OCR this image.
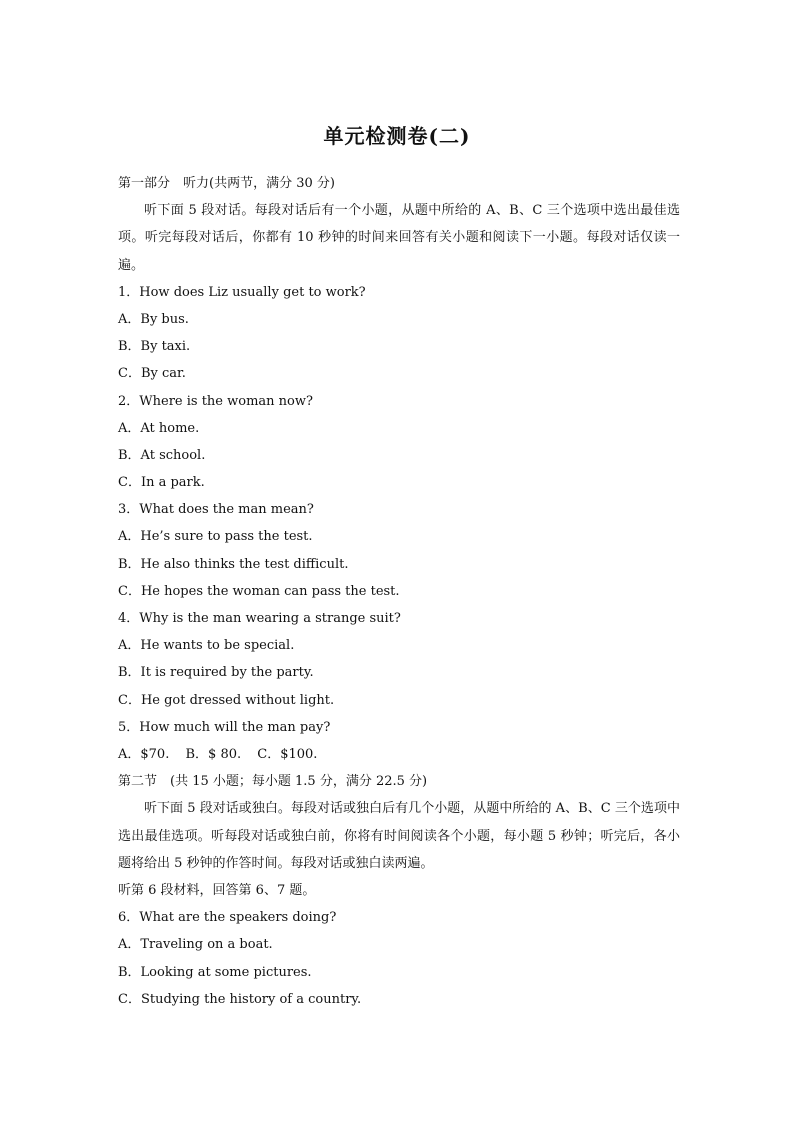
单元检测卷(二)
第一部分　听力(共两节，满分 30 分)
听下面 5 段对话。每段对话后有一个小题，从题中所给的 A、B、C 三个选项中选出最佳选项。听完每段对话后，你都有 10 秒钟的时间来回答有关小题和阅读下一小题。每段对话仅读一遍。
1．How does Liz usually get to work?
A．By bus.
B．By taxi.
C．By car.
2．Where is the woman now?
A．At home.
B．At school.
C．In a park.
3．What does the man mean?
A．He’s sure to pass the test.
B．He also thinks the test difficult.
C．He hopes the woman can pass the test.
4．Why is the man wearing a strange suit?
A．He wants to be special.
B．It is required by the party.
C．He got dressed without light.
5．How much will the man pay?
A．$70. B．$ 80. C．$100.
第二节　(共 15 小题；每小题 1.5 分，满分 22.5 分)
听下面 5 段对话或独白。每段对话或独白后有几个小题，从题中所给的 A、B、C 三个选项中选出最佳选项。听每段对话或独白前，你将有时间阅读各个小题，每小题 5 秒钟；听完后，各小题将给出 5 秒钟的作答时间。每段对话或独白读两遍。
听第 6 段材料，回答第 6、7 题。
6．What are the speakers doing?
A．Traveling on a boat.
B．Looking at some pictures.
C．Studying the history of a country.
